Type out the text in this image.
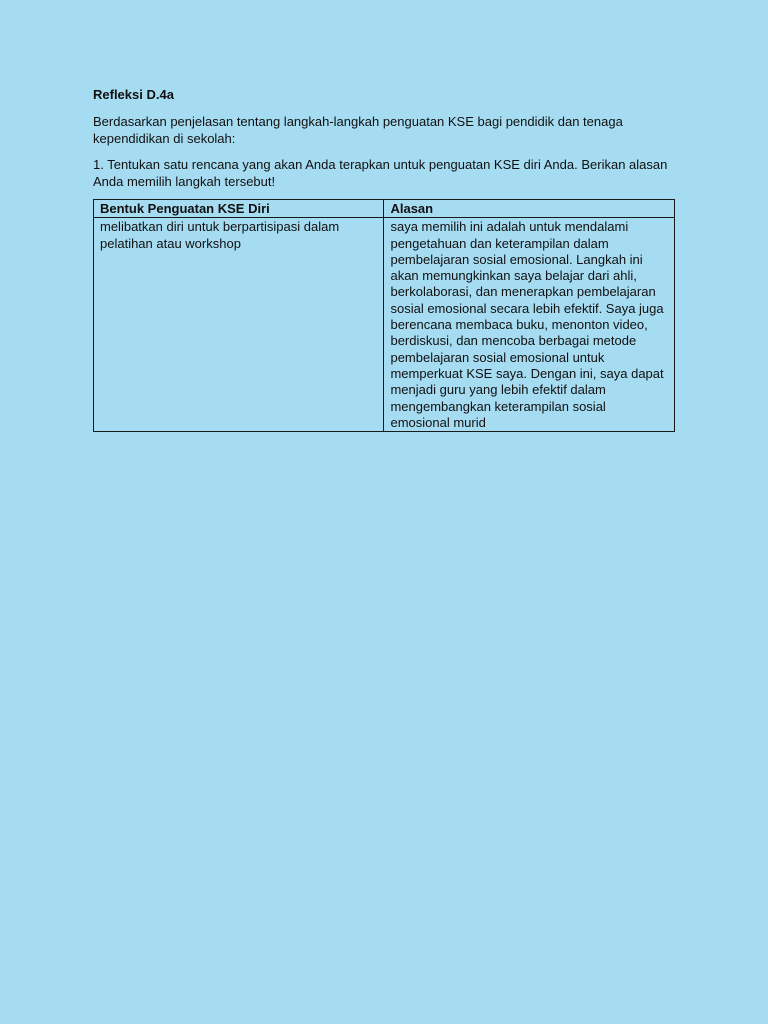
Refleksi D.4a

Berdasarkan penjelasan tentang langkah-langkah penguatan KSE bagi pendidik dan tenaga kependidikan di sekolah:

1. Tentukan satu rencana yang akan Anda terapkan untuk penguatan KSE diri Anda. Berikan alasan Anda memilih langkah tersebut!

Bentuk Penguatan KSE Diri	Alasan
melibatkan diri untuk berpartisipasi dalam pelatihan atau workshop	saya memilih ini adalah untuk mendalami pengetahuan dan keterampilan dalam pembelajaran sosial emosional. Langkah ini akan memungkinkan saya belajar dari ahli, berkolaborasi, dan menerapkan pembelajaran sosial emosional secara lebih efektif. Saya juga berencana membaca buku, menonton video, berdiskusi, dan mencoba berbagai metode pembelajaran sosial emosional untuk memperkuat KSE saya. Dengan ini, saya dapat menjadi guru yang lebih efektif dalam mengembangkan keterampilan sosial emosional murid
